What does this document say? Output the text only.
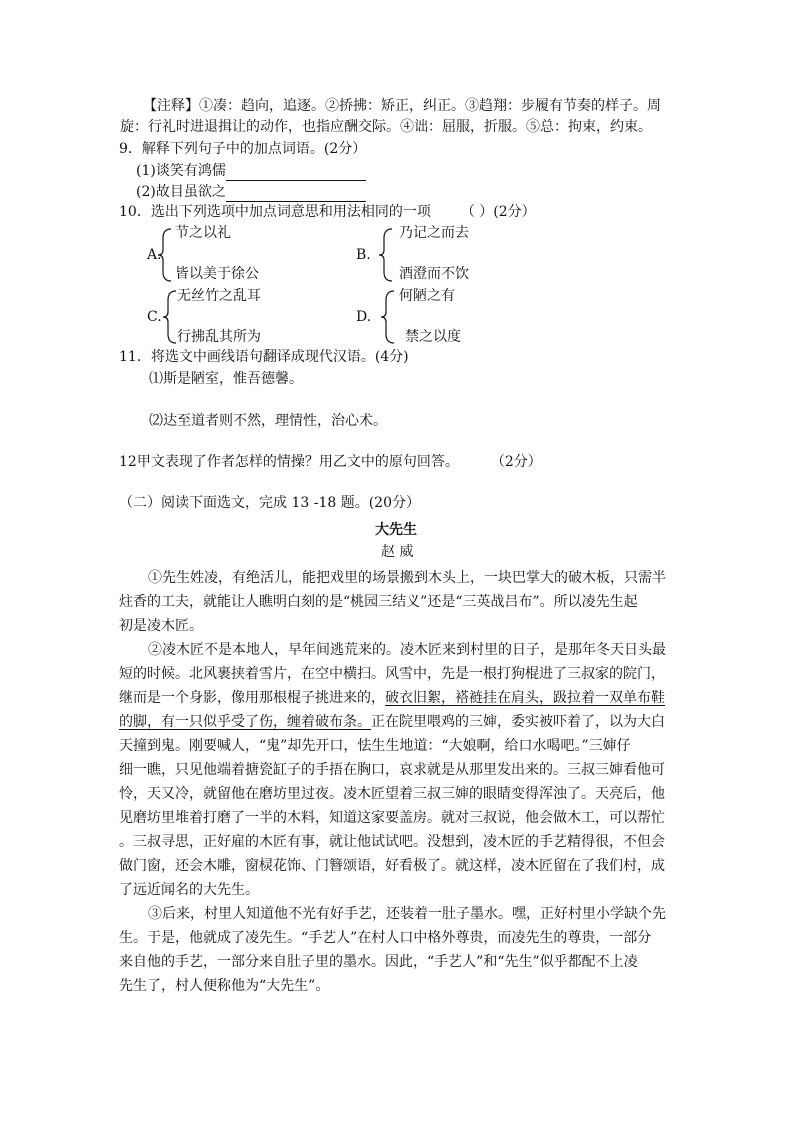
【注释】①凑：趋向，追逐。②挢拂：矫正，纠正。③趋翔：步履有节奏的样子。周
旋：行礼时进退揖让的动作，也指应酬交际。④诎：屈服，折服。⑤总：拘束，约束。
9．解释下列句子中的加点词语。(2分）
(1)谈笑有鸿儒
(2)故目虽欲之
10．选出下列选项中加点词意思和用法相同的一项 （ ）(2分）
A.
节之以礼
皆以美于徐公
B.
乃记之而去
酒澄而不饮
C.
无丝竹之乱耳
行拂乱其所为
D.
何陋之有
禁之以度
11．将选文中画线语句翻译成现代汉语。(4分)
⑴斯是陋室，惟吾德馨。
⑵达至道者则不然，理情性，治心术。
12甲文表现了作者怎样的情操？用乙文中的原句回答。 （2分）
（二）阅读下面选文，完成 13 -18 题。(20分）
大先生
赵 威
①先生姓凌，有绝活儿，能把戏里的场景搬到木头上，一块巴掌大的破木板，只需半
炷香的工夫，就能让人瞧明白刻的是“桃园三结义”还是“三英战吕布”。所以凌先生起
初是凌木匠。
②凌木匠不是本地人，早年间逃荒来的。凌木匠来到村里的日子，是那年冬天日头最
短的时候。北风裹挟着雪片，在空中横扫。风雪中，先是一根打狗棍进了三叔家的院门，
继而是一个身影，像用那根棍子挑进来的，破衣旧絮，褡裢挂在肩头，趿拉着一双单布鞋
的脚，有一只似乎受了伤，缠着破布条。正在院里喂鸡的三婶，委实被吓着了，以为大白
天撞到鬼。刚要喊人，“鬼”却先开口，怯生生地道：“大娘啊，给口水喝吧。”三婶仔
细一瞧，只见他端着搪瓷缸子的手捂在胸口，哀求就是从那里发出来的。三叔三婶看他可
怜，天又冷，就留他在磨坊里过夜。凌木匠望着三叔三婶的眼睛变得浑浊了。天亮后，他
见磨坊里堆着打磨了一半的木料，知道这家要盖房。就对三叔说，他会做木工，可以帮忙
。三叔寻思，正好雇的木匠有事，就让他试试吧。没想到，凌木匠的手艺精得很，不但会
做门窗，还会木雕，窗棂花饰、门簪颂语，好看极了。就这样，凌木匠留在了我们村，成
了远近闻名的大先生。
③后来，村里人知道他不光有好手艺，还装着一肚子墨水。嘿，正好村里小学缺个先
生。于是，他就成了凌先生。“手艺人”在村人口中格外尊贵，而凌先生的尊贵，一部分
来自他的手艺，一部分来自肚子里的墨水。因此，“手艺人”和“先生”似乎都配不上凌
先生了，村人便称他为“大先生”。
